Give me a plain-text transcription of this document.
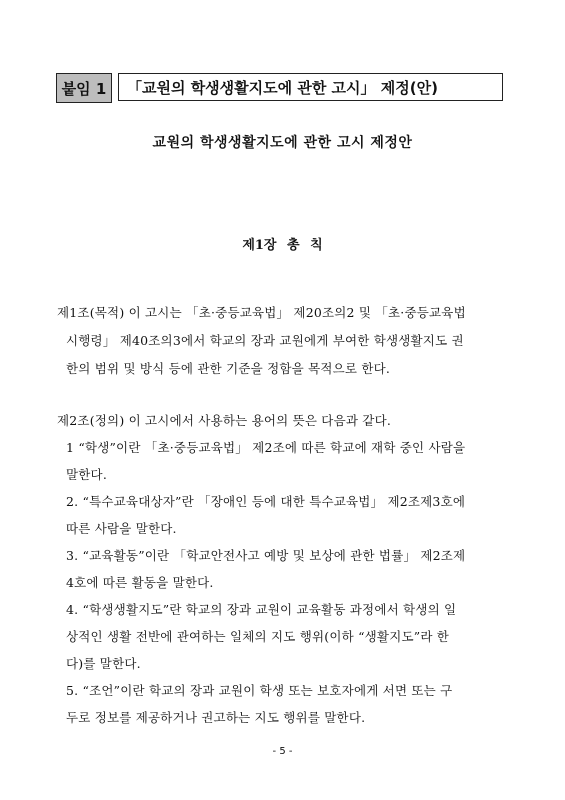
붙임 1	「교원의 학생생활지도에 관한 고시」 제정(안)
교원의 학생생활지도에 관한 고시 제정안
제1장 총 칙
제1조(목적) 이 고시는 「초·중등교육법」 제20조의2 및 「초·중등교육법
시행령」 제40조의3에서 학교의 장과 교원에게 부여한 학생생활지도 권
한의 범위 및 방식 등에 관한 기준을 정함을 목적으로 한다.
제2조(정의) 이 고시에서 사용하는 용어의 뜻은 다음과 같다.
1 “학생”이란 「초·중등교육법」 제2조에 따른 학교에 재학 중인 사람을
말한다.
2. “특수교육대상자”란 「장애인 등에 대한 특수교육법」 제2조제3호에
따른 사람을 말한다.
3. “교육활동”이란 「학교안전사고 예방 및 보상에 관한 법률」 제2조제
4호에 따른 활동을 말한다.
4. “학생생활지도”란 학교의 장과 교원이 교육활동 과정에서 학생의 일
상적인 생활 전반에 관여하는 일체의 지도 행위(이하 “생활지도”라 한
다)를 말한다.
5. “조언”이란 학교의 장과 교원이 학생 또는 보호자에게 서면 또는 구
두로 정보를 제공하거나 권고하는 지도 행위를 말한다.
- 5 -
